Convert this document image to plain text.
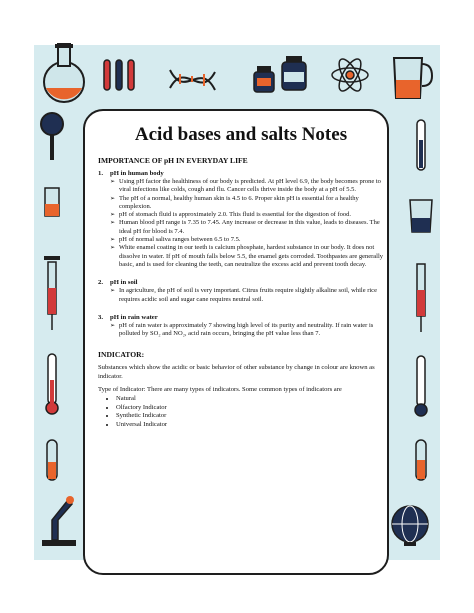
Acid bases and salts Notes
IMPORTANCE OF pH IN EVERYDAY LIFE
1. pH in human body
➢ Using pH factor the healthiness of our body is predicted. At pH level 6.9, the body becomes prone to viral infections like colds, cough and flu. Cancer cells thrive inside the body at a pH of 5.5.
➢ The pH of a normal, healthy human skin is 4.5 to 6. Proper skin pH is essential for a healthy complexion.
➢ pH of stomach fluid is approximately 2.0. This fluid is essential for the digestion of food.
➢ Human blood pH range is 7.35 to 7.45. Any increase or decrease in this value, leads to diseases. The ideal pH for blood is 7.4.
➢ pH of normal saliva ranges between 6.5 to 7.5.
➢ White enamel coating in our teeth is calcium phosphate, hardest substance in our body. It does not dissolve in water. If pH of mouth falls below 5.5, the enamel gets corroded. Toothpastes are generally basic, and is used for cleaning the teeth, can neutralize the excess acid and prevent tooth decay.
2. pH in soil
➢ In agriculture, the pH of soil is very important. Citrus fruits require slightly alkaline soil, while rice requires acidic soil and sugar cane requires neutral soil.
3. pH in rain water
➢ pH of rain water is approximately 7 showing high level of its purity and neutrality. If rain water is polluted by SO₂ and NO₂, acid rain occurs, bringing the pH value less than 7.
INDICATOR:

Substances which show the acidic or basic behavior of other substance by change in colour are known as indicator.

Type of Indicator: There are many types of indicators. Some common types of indicators are

• Natural
• Olfactory Indicator
• Synthetic Indicator
• Universal Indicator
